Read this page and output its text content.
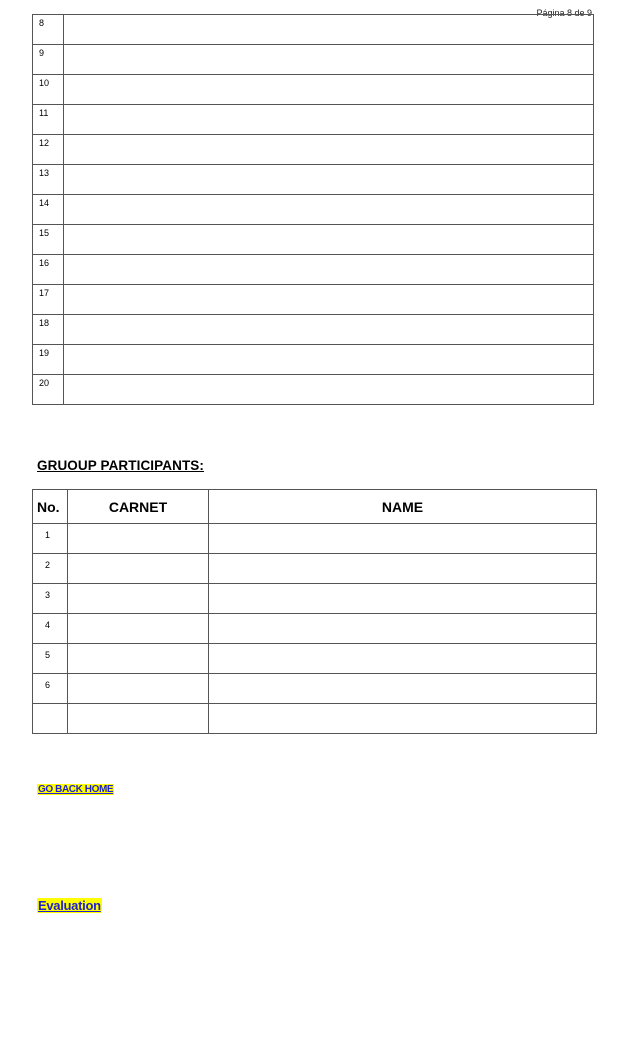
Página 8 de 9
8	
9	
10	
11	
12	
13	
14	
15	
16	
17	
18	
19	
20	
GRUOUP PARTICIPANTS:
No.	CARNET	NAME
1		
2		
3		
4		
5		
6		

GO BACK HOME
Evaluation
